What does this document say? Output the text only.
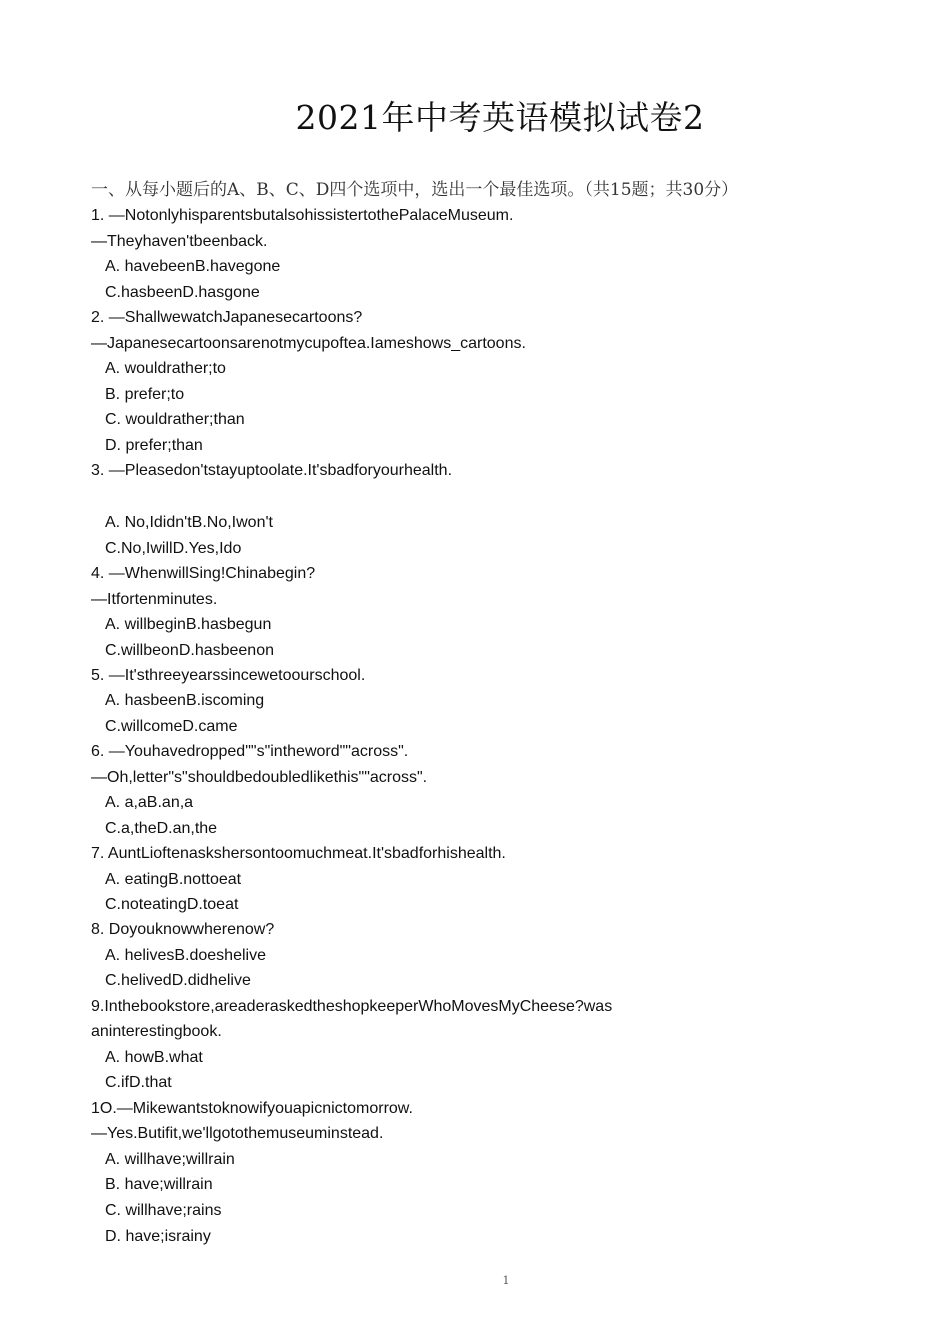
2021年中考英语模拟试卷2
一、从每小题后的A、B、C、D四个选项中，选出一个最佳选项。（共15题；共30分）
1. —NotonlyhisparentsbutalsohissistertothePalaceMuseum.
—Theyhaven'tbeenback.
A. havebeenB.havegone
C.hasbeenD.hasgone
2. —ShallwewatchJapanesecartoons?
—Japanesecartoonsarenotmycupoftea.Iameshows_cartoons.
A. wouldrather;to
B. prefer;to
C. wouldrather;than
D. prefer;than
3. —Pleasedon'tstayuptoolate.It'sbadforyourhealth.
A. No,Ididn'tB.No,Iwon't
C.No,IwillD.Yes,Ido
4. —WhenwillSing!Chinabegin?
—Itfortenminutes.
A. willbeginB.hasbegun
C.willbeonD.hasbeenon
5. —It'sthreeyearssincewetoourschool.
A. hasbeenB.iscoming
C.willcomeD.came
6. —Youhavedropped""s"intheword""across".
—Oh,letter"s"shouldbedoubledlikethis""across".
A. a,aB.an,a
C.a,theD.an,the
7. AuntLioftenaskshersontoomuchmeat.It'sbadforhishealth.
A. eatingB.nottoeat
C.noteatingD.toeat
8. Doyouknowwherenow?
A. helivesB.doeshelive
C.helivedD.didhelive
9.Inthebookstore,areaderaskedtheshopkeeperWhoMovesMyCheese?was
aninterestingbook.
A. howB.what
C.ifD.that
1O.—Mikewantstoknowifyouapicnictomorrow.
—Yes.Butifit,we'llgotothemuseuminstead.
A. willhave;willrain
B. have;willrain
C. willhave;rains
D. have;israiny
1
